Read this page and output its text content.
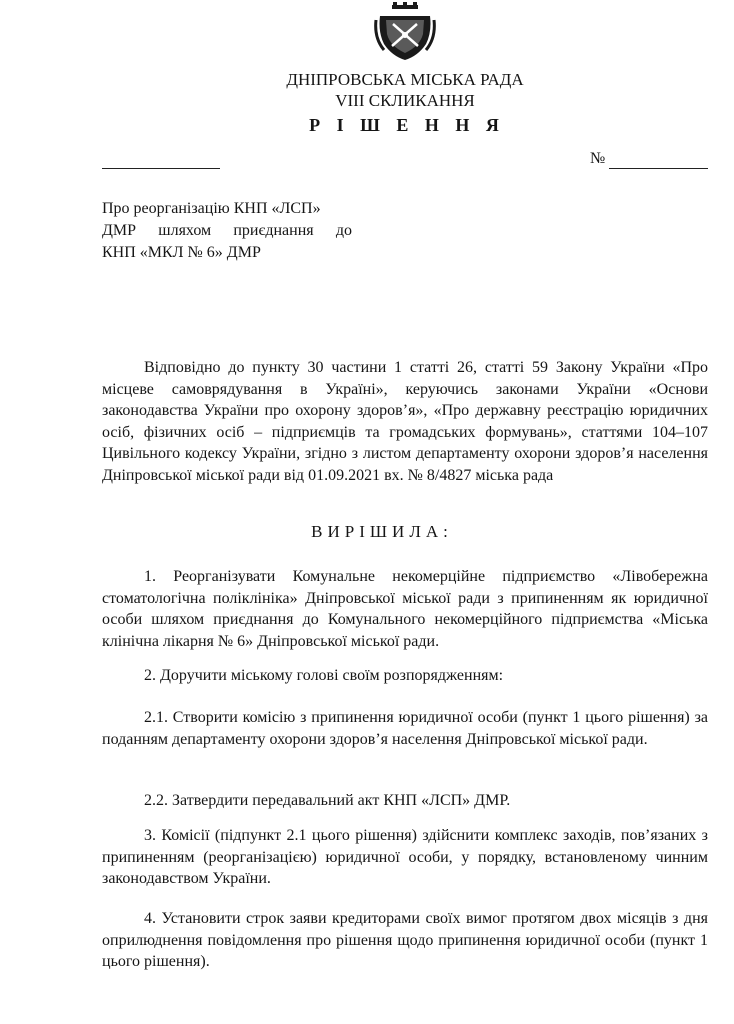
ДНІПРОВСЬКА МІСЬКА РАДА
VIII СКЛИКАННЯ
Р І Ш Е Н Н Я
№
Про реорганізацію КНП «ЛСП»
ДМР шляхом приєднання до
КНП «МКЛ № 6» ДМР
Відповідно до пункту 30 частини 1 статті 26, статті 59 Закону України «Про місцеве самоврядування в Україні», керуючись законами України «Основи законодавства України про охорону здоров’я», «Про державну реєстрацію юридичних осіб, фізичних осіб – підприємців та громадських формувань», статтями 104–107 Цивільного кодексу України, згідно з листом департаменту охорони здоров’я населення Дніпровської міської ради від 01.09.2021 вх. № 8/4827 міська рада
ВИРІШИЛА:
1. Реорганізувати Комунальне некомерційне підприємство «Лівобережна стоматологічна поліклініка» Дніпровської міської ради з припиненням як юридичної особи шляхом приєднання до Комунального некомерційного підприємства «Міська клінічна лікарня № 6» Дніпровської міської ради.
2. Доручити міському голові своїм розпорядженням:
2.1. Створити комісію з припинення юридичної особи (пункт 1 цього рішення) за поданням департаменту охорони здоров’я населення Дніпровської міської ради.
2.2. Затвердити передавальний акт КНП «ЛСП» ДМР.
3. Комісії (підпункт 2.1 цього рішення) здійснити комплекс заходів, пов’язаних з припиненням (реорганізацією) юридичної особи, у порядку, встановленому чинним законодавством України.
4. Установити строк заяви кредиторами своїх вимог протягом двох місяців з дня оприлюднення повідомлення про рішення щодо припинення юридичної особи (пункт 1 цього рішення).
